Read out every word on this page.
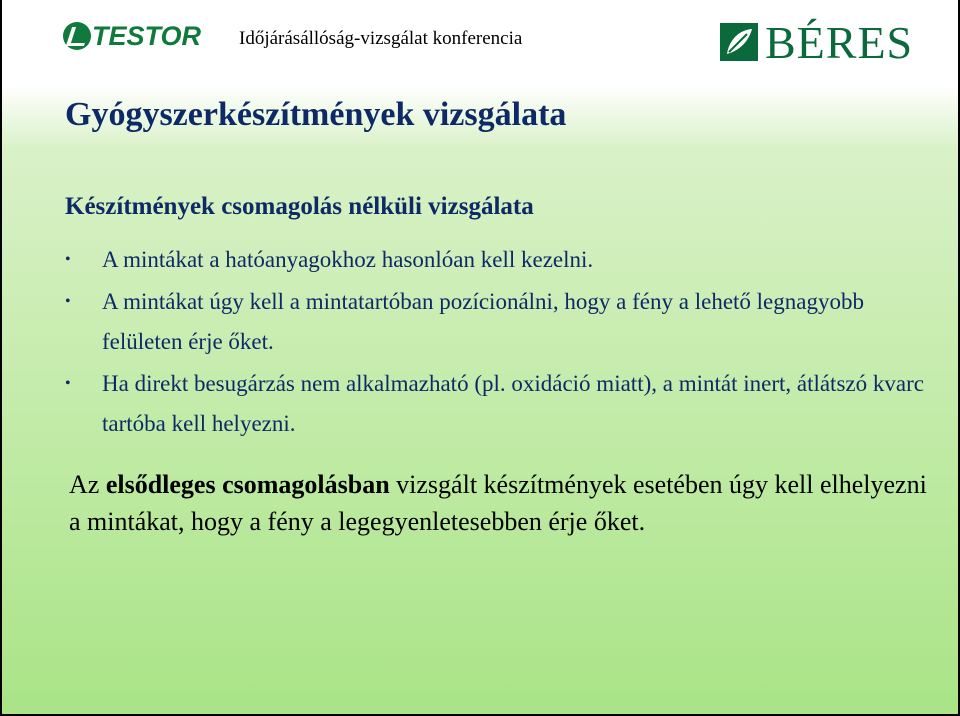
TESTOR Időjárásállóság-vizsgálat konferencia	BÉRES
Gyógyszerkészítmények vizsgálata
Készítmények csomagolás nélküli vizsgálata
• A mintákat a hatóanyagokhoz hasonlóan kell kezelni.
• A mintákat úgy kell a mintatartóban pozícionálni, hogy a fény a lehető legnagyobb felületen érje őket.
• Ha direkt besugárzás nem alkalmazható (pl. oxidáció miatt), a mintát inert, átlátszó kvarc tartóba kell helyezni.

Az elsődleges csomagolásban vizsgált készítmények esetében úgy kell elhelyezni a mintákat, hogy a fény a legegyenletesebben érje őket.
